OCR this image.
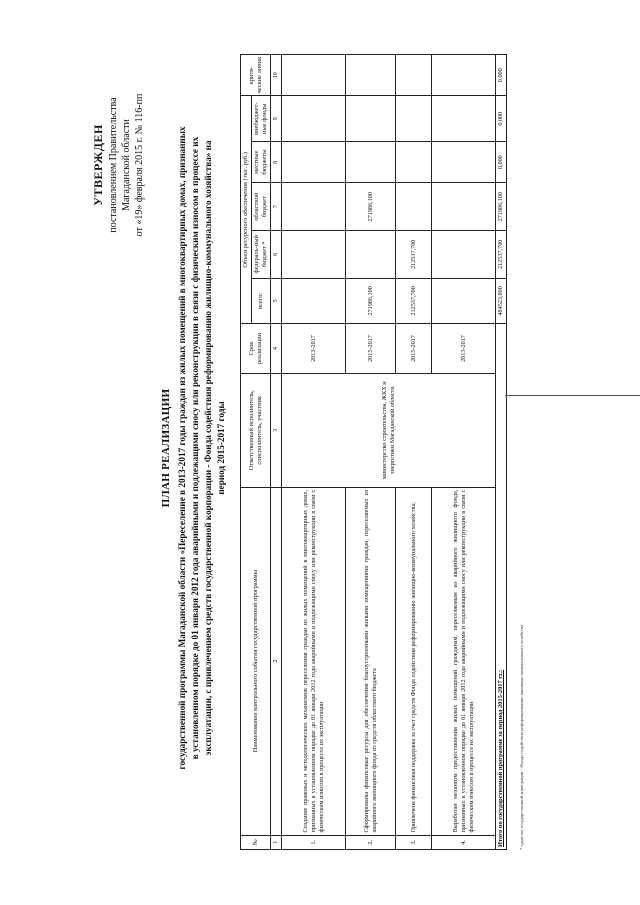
УТВЕРЖДЕН постановлением Правительства Магаданской области от «19» февраля 2015 г. № 116-пп
ПЛАН РЕАЛИЗАЦИИ государственной программы Магаданской области «Переселение в 2013-2017 годы граждан из жилых помещений в многоквартирных домах, признанных в установленном порядке до 01 января 2012 года аварийными и подлежащими сносу или реконструкции в связи с физическим износом в процессе их эксплуатации, с привлечением средств государственной корпорации - Фонда содействия реформированию жилищно-коммунального хозяйства» на период 2015-2017 годы
№	Наименование контрольного события государственной программы	Ответственный исполнитель, соисполнитель, участник	Срок реализации	Объем ресурсного обеспечения (тыс. руб.)					крити-ческие линия
				всего:	федераль-ный бюджет *	областной бюджет	местные бюджеты	внебюджет-ные фонды	
1	2	3	4	5	6	7	8	9	10
1.	Создание правовых и методологических механизмов переселения граждан из жилых помещений в многоквартирных домах, признанных в установленном порядке до 01 января 2012 года аварийными и подлежащими сносу или реконструкции в связи с физическим износом в процессе их эксплуатации	министерство строительства, ЖКХ и энергетики Магаданской области	2013-2017						
2.	Сформированы финансовые ресурсы для обеспечения благоустроенными жилыми помещениями граждан, переселяемых из аварийного жилищного фонда из средств областного бюджета		2015-2017	271986,100		271986,100			
3.	Привлечена финансовая поддержка за счет средств Фонда содействия реформированию жилищно-коммунального хозяйства;		2015-2017	212537,700	212537,700				
4.	Выработан механизм предоставления жилых помещений гражданам, переселяемым из аварийного жилищного фонда, признанных в установленном порядке до 01 января 2012 года аварийными и подлежащими сносу или реконструкции в связи с физическим износом в процессе их эксплуатации		2013-2017						
Итого по государственной программе за период 2015-2017 гг.:				484523,800	212537,700	271986,100	0,000	0,000	0,000
* средства государственной корпорации - Фонда содействия реформированию жилищно-коммунального хозяйства
